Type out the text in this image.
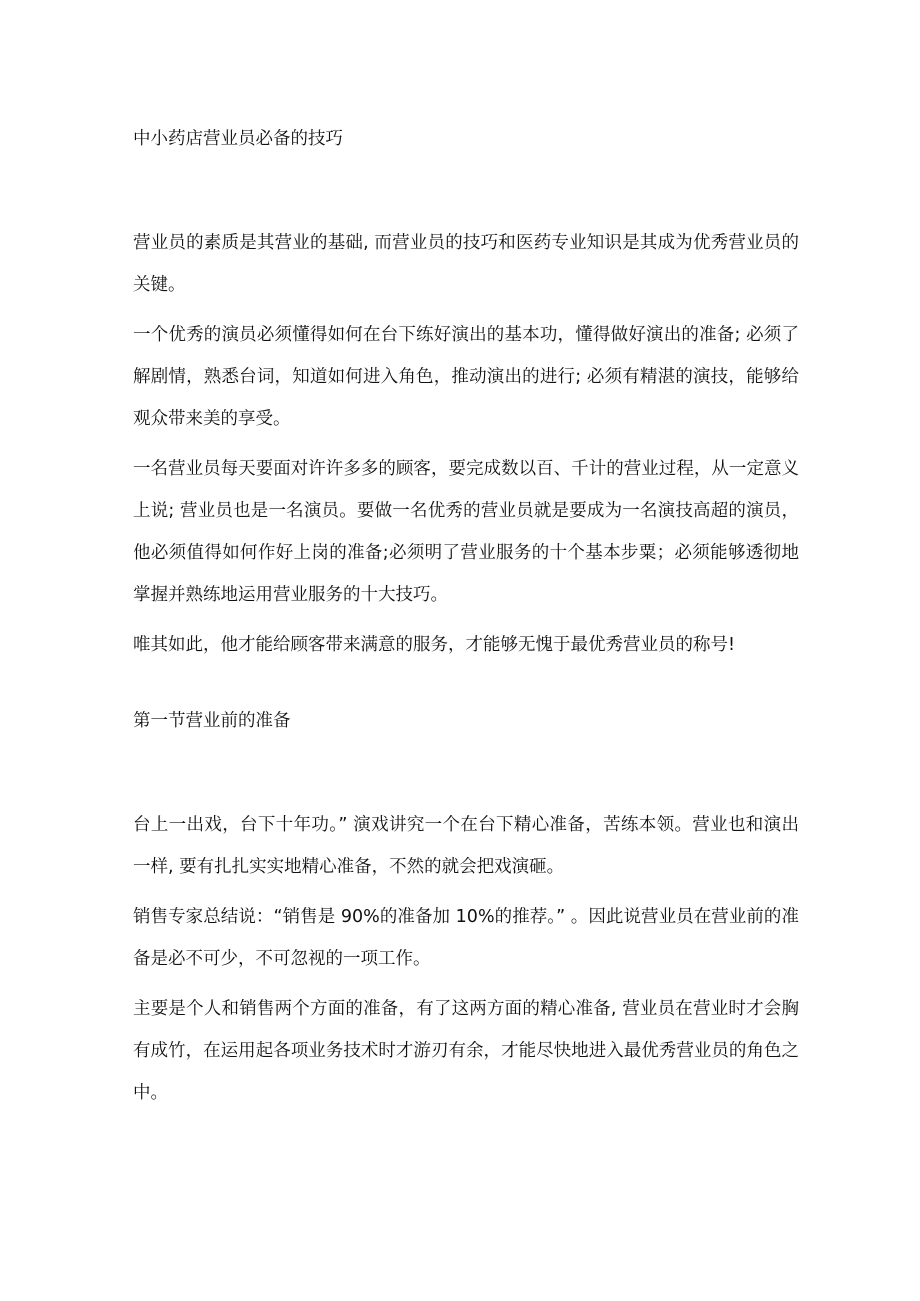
中小药店营业员必备的技巧

营业员的素质是其营业的基础, 而营业员的技巧和医药专业知识是其成为优秀营业员的关键。

一个优秀的演员必须懂得如何在台下练好演出的基本功，懂得做好演出的准备; 必须了解剧情，熟悉台词，知道如何进入角色，推动演出的进行; 必须有精湛的演技，能够给观众带来美的享受。

一名营业员每天要面对许许多多的顾客，要完成数以百、千计的营业过程，从一定意义上说; 营业员也是一名演员。要做一名优秀的营业员就是要成为一名演技高超的演员，他必须值得如何作好上岗的准备;必须明了营业服务的十个基本步粟；必须能够透彻地掌握并熟练地运用营业服务的十大技巧。

唯其如此，他才能给顾客带来满意的服务，才能够无愧于最优秀营业员的称号!

第一节营业前的准备

台上一出戏，台下十年功。” 演戏讲究一个在台下精心准备，苦练本领。营业也和演出一样, 要有扎扎实实地精心准备，不然的就会把戏演砸。

销售专家总结说：“销售是 90%的准备加 10%的推荐。” 。因此说营业员在营业前的准备是必不可少，不可忽视的一项工作。

主要是个人和销售两个方面的准备，有了这两方面的精心准备, 营业员在营业时才会胸有成竹，在运用起各项业务技术时才游刃有余，才能尽快地进入最优秀营业员的角色之中。
